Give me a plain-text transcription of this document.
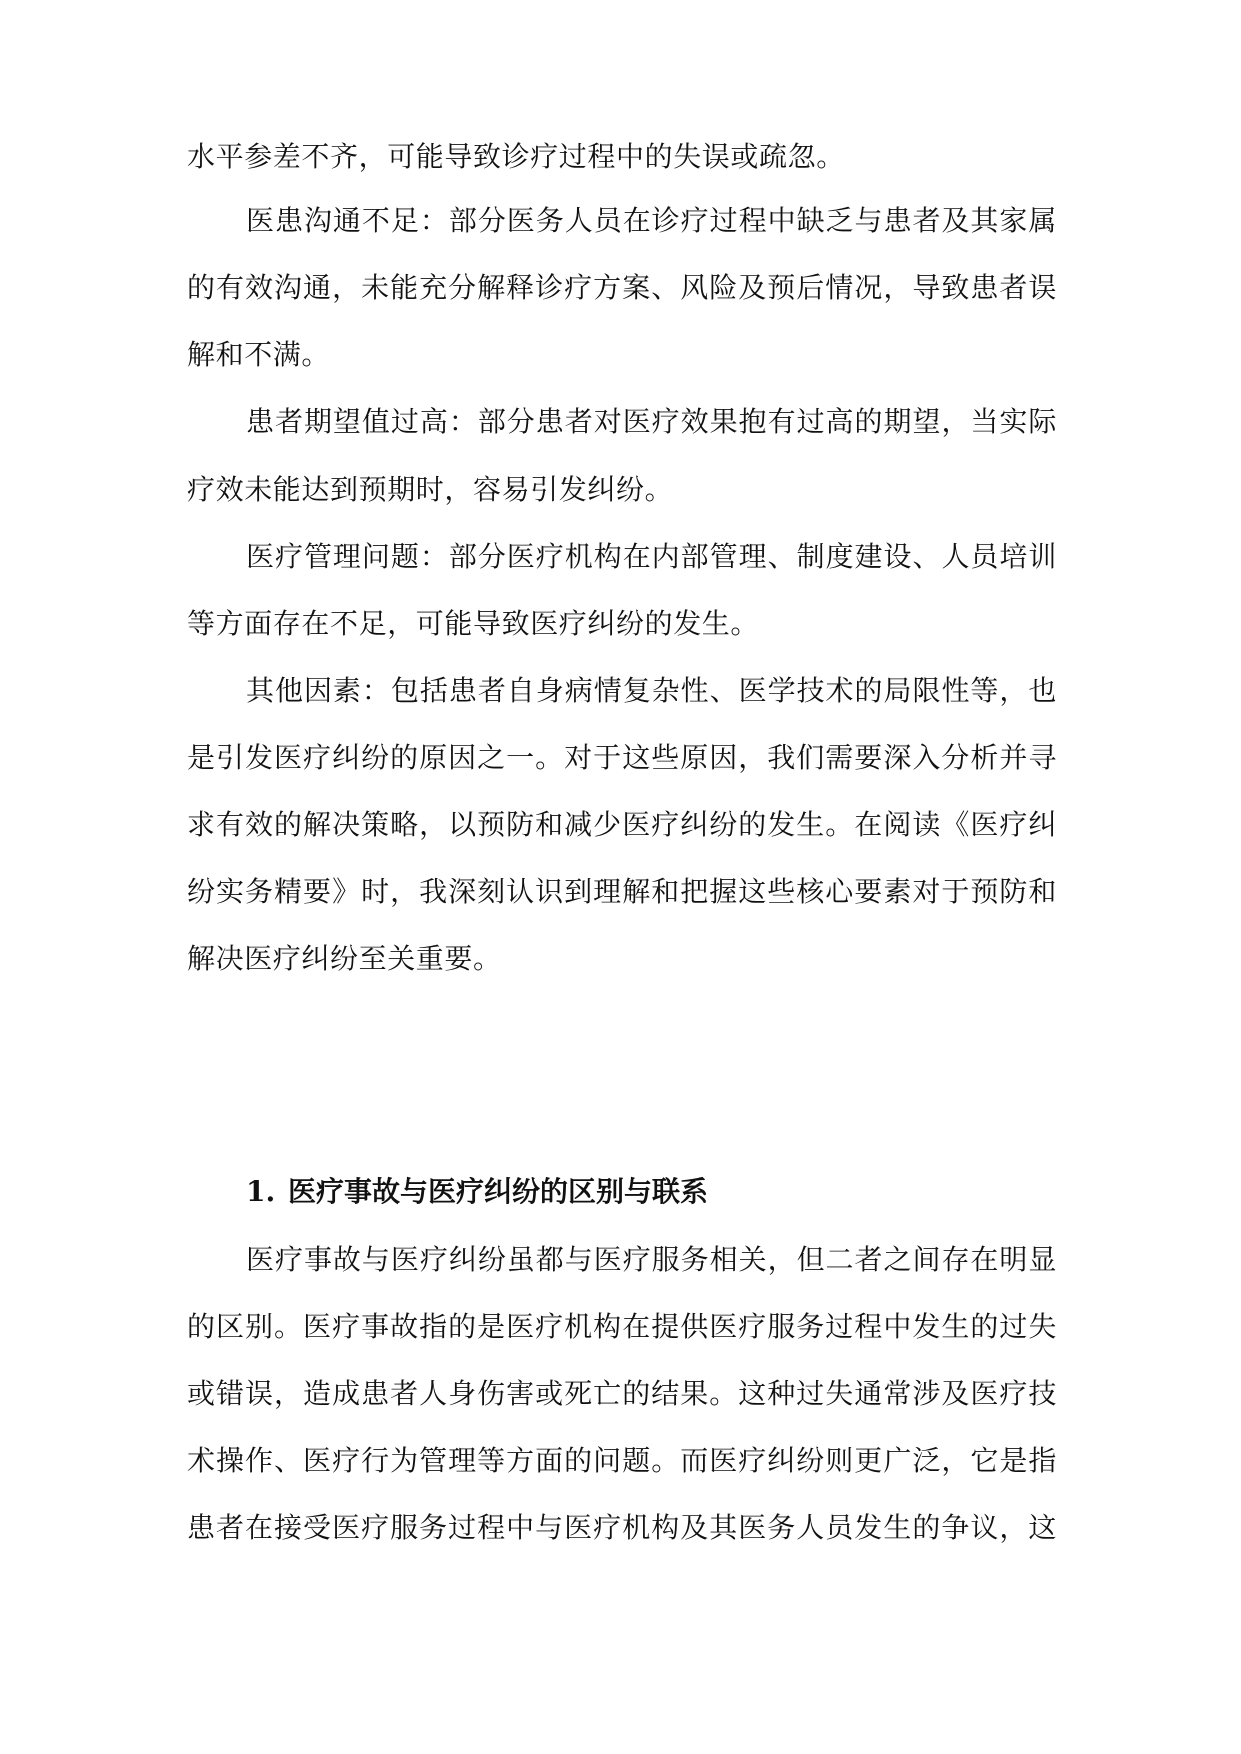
水平参差不齐，可能导致诊疗过程中的失误或疏忽。
医患沟通不足：部分医务人员在诊疗过程中缺乏与患者及其家属
的有效沟通，未能充分解释诊疗方案、风险及预后情况，导致患者误
解和不满。
患者期望值过高：部分患者对医疗效果抱有过高的期望，当实际
疗效未能达到预期时，容易引发纠纷。
医疗管理问题：部分医疗机构在内部管理、制度建设、人员培训
等方面存在不足，可能导致医疗纠纷的发生。
其他因素：包括患者自身病情复杂性、医学技术的局限性等，也
是引发医疗纠纷的原因之一。对于这些原因，我们需要深入分析并寻
求有效的解决策略，以预防和减少医疗纠纷的发生。在阅读《医疗纠
纷实务精要》时，我深刻认识到理解和把握这些核心要素对于预防和
解决医疗纠纷至关重要。
1. 医疗事故与医疗纠纷的区别与联系
医疗事故与医疗纠纷虽都与医疗服务相关，但二者之间存在明显
的区别。医疗事故指的是医疗机构在提供医疗服务过程中发生的过失
或错误，造成患者人身伤害或死亡的结果。这种过失通常涉及医疗技
术操作、医疗行为管理等方面的问题。而医疗纠纷则更广泛，它是指
患者在接受医疗服务过程中与医疗机构及其医务人员发生的争议，这
